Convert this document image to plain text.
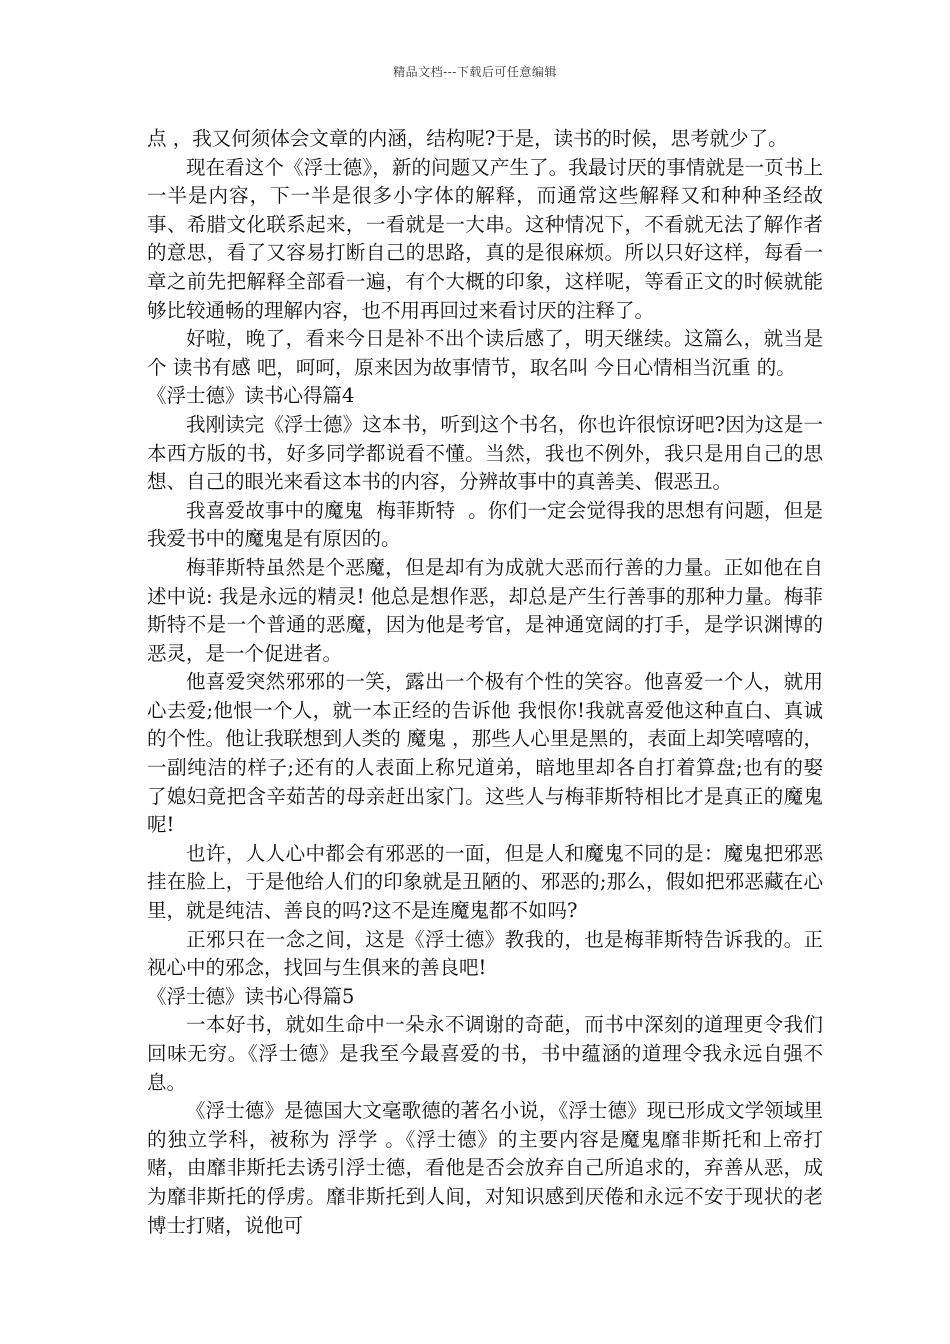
精品文档---下载后可任意编辑

点 ，我又何须体会文章的内涵，结构呢?于是，读书的时候，思考就少了。

现在看这个《浮士德》，新的问题又产生了。我最讨厌的事情就是一页书上一半是内容，下一半是很多小字体的解释，而通常这些解释又和种种圣经故事、希腊文化联系起来，一看就是一大串。这种情况下，不看就无法了解作者的意思，看了又容易打断自己的思路，真的是很麻烦。所以只好这样，每看一章之前先把解释全部看一遍，有个大概的印象，这样呢，等看正文的时候就能够比较通畅的理解内容，也不用再回过来看讨厌的注释了。

好啦，晚了，看来今日是补不出个读后感了，明天继续。这篇么，就当是个 读书有感 吧，呵呵，原来因为故事情节，取名叫 今日心情相当沉重 的。

《浮士德》读书心得篇4

我刚读完《浮士德》这本书，听到这个书名，你也许很惊讶吧?因为这是一本西方版的书，好多同学都说看不懂。当然，我也不例外，我只是用自己的思想、自己的眼光来看这本书的内容，分辨故事中的真善美、假恶丑。

我喜爱故事中的魔鬼  梅菲斯特  。你们一定会觉得我的思想有问题，但是我爱书中的魔鬼是有原因的。

梅菲斯特虽然是个恶魔，但是却有为成就大恶而行善的力量。正如他在自述中说: 我是永远的精灵! 他总是想作恶，却总是产生行善事的那种力量。梅菲斯特不是一个普通的恶魔，因为他是考官，是神通宽阔的打手，是学识渊博的恶灵，是一个促进者。

他喜爱突然邪邪的一笑，露出一个极有个性的笑容。他喜爱一个人，就用心去爱;他恨一个人，就一本正经的告诉他 我恨你!我就喜爱他这种直白、真诚的个性。他让我联想到人类的 魔鬼 ，那些人心里是黑的，表面上却笑嘻嘻的，一副纯洁的样子;还有的人表面上称兄道弟，暗地里却各自打着算盘;也有的娶了媳妇竟把含辛茹苦的母亲赶出家门。这些人与梅菲斯特相比才是真正的魔鬼呢!

也许，人人心中都会有邪恶的一面，但是人和魔鬼不同的是：魔鬼把邪恶挂在脸上，于是他给人们的印象就是丑陋的、邪恶的;那么，假如把邪恶藏在心里，就是纯洁、善良的吗?这不是连魔鬼都不如吗?

正邪只在一念之间，这是《浮士德》教我的，也是梅菲斯特告诉我的。正视心中的邪念，找回与生俱来的善良吧!

《浮士德》读书心得篇5

一本好书，就如生命中一朵永不调谢的奇葩，而书中深刻的道理更令我们回味无穷。《浮士德》是我至今最喜爱的书，书中蕴涵的道理令我永远自强不息。

《浮士德》是德国大文毫歌德的著名小说，《浮士德》现已形成文学领域里的独立学科，被称为 浮学 。《浮士德》的主要内容是魔鬼靡非斯托和上帝打赌，由靡非斯托去诱引浮士德，看他是否会放弃自己所追求的，弃善从恶，成为靡非斯托的俘虏。靡非斯托到人间，对知识感到厌倦和永远不安于现状的老博士打赌，说他可
